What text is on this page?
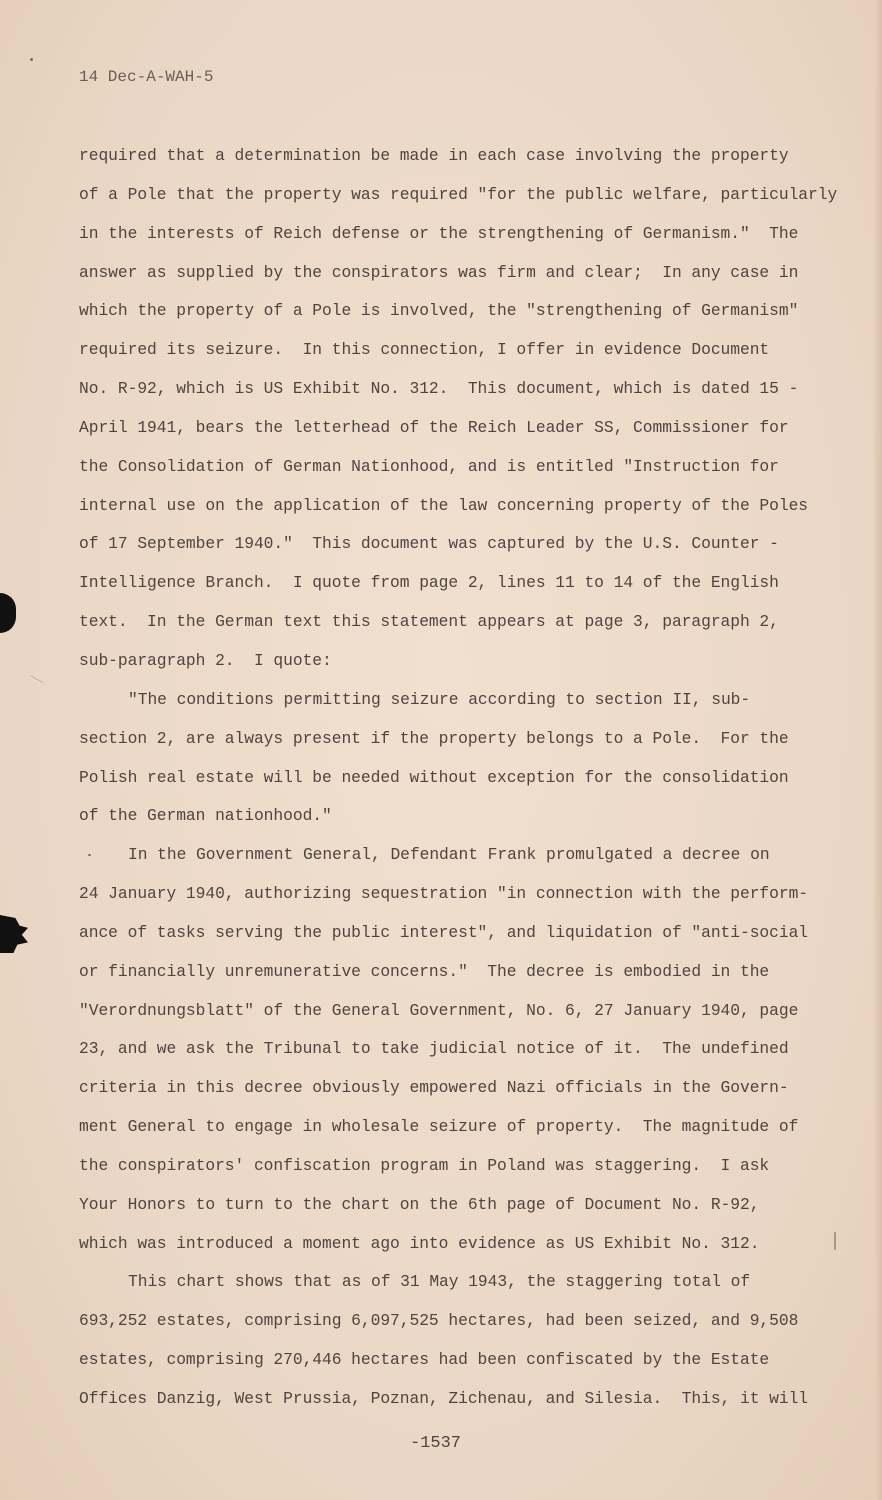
14 Dec-A-WAH-5
required that a determination be made in each case involving the property
of a Pole that the property was required "for the public welfare, particularly
in the interests of Reich defense or the strengthening of Germanism."  The
answer as supplied by the conspirators was firm and clear;  In any case in
which the property of a Pole is involved, the "strengthening of Germanism"
required its seizure.  In this connection, I offer in evidence Document
No. R-92, which is US Exhibit No. 312.  This document, which is dated 15 -
April 1941, bears the letterhead of the Reich Leader SS, Commissioner for
the Consolidation of German Nationhood, and is entitled "Instruction for
internal use on the application of the law concerning property of the Poles
of 17 September 1940."  This document was captured by the U.S. Counter -
Intelligence Branch.  I quote from page 2, lines 11 to 14 of the English
text.  In the German text this statement appears at page 3, paragraph 2,
sub-paragraph 2.  I quote:
"The conditions permitting seizure according to section II, sub-
section 2, are always present if the property belongs to a Pole.  For the
Polish real estate will be needed without exception for the consolidation
of the German nationhood."
In the Government General, Defendant Frank promulgated a decree on
24 January 1940, authorizing sequestration "in connection with the perform-
ance of tasks serving the public interest", and liquidation of "anti-social
or financially unremunerative concerns."  The decree is embodied in the
"Verordnungsblatt" of the General Government, No. 6, 27 January 1940, page
23, and we ask the Tribunal to take judicial notice of it.  The undefined
criteria in this decree obviously empowered Nazi officials in the Govern-
ment General to engage in wholesale seizure of property.  The magnitude of
the conspirators' confiscation program in Poland was staggering.  I ask
Your Honors to turn to the chart on the 6th page of Document No. R-92,
which was introduced a moment ago into evidence as US Exhibit No. 312.
This chart shows that as of 31 May 1943, the staggering total of
693,252 estates, comprising 6,097,525 hectares, had been seized, and 9,508
estates, comprising 270,446 hectares had been confiscated by the Estate
Offices Danzig, West Prussia, Poznan, Zichenau, and Silesia.  This, it will
-1537
